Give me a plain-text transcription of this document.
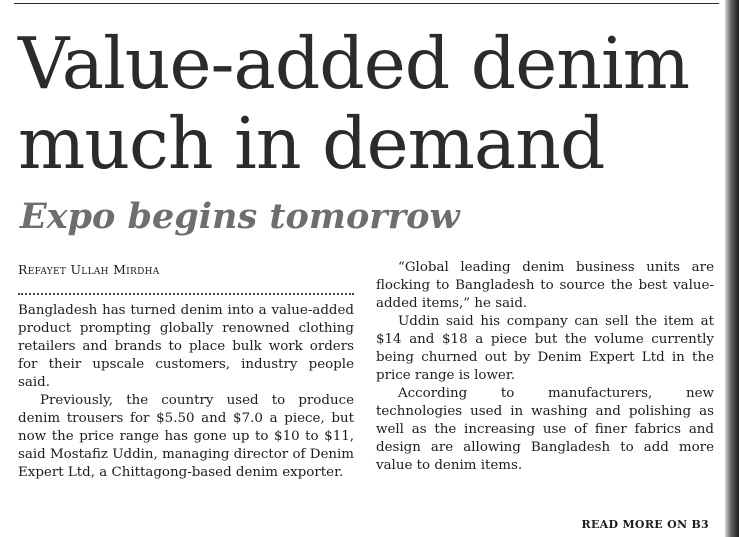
Value-added denim
much in demand
Expo begins tomorrow
Refayet Ullah Mirdha

Bangladesh has turned denim into a value-added product prompting globally renowned clothing retailers and brands to place bulk work orders for their upscale customers, industry people said.

Previously, the country used to produce denim trousers for $5.50 and $7.0 a piece, but now the price range has gone up to $10 to $11, said Mostafiz Uddin, managing director of Denim Expert Ltd, a Chittagong-based denim exporter.

“Global leading denim business units are flocking to Bangladesh to source the best value-added items,” he said.

Uddin said his company can sell the item at $14 and $18 a piece but the volume currently being churned out by Denim Expert Ltd in the price range is lower.

According to manufacturers, new technologies used in washing and polishing as well as the increasing use of finer fabrics and design are allowing Bangladesh to add more value to denim items.

READ MORE ON B3
